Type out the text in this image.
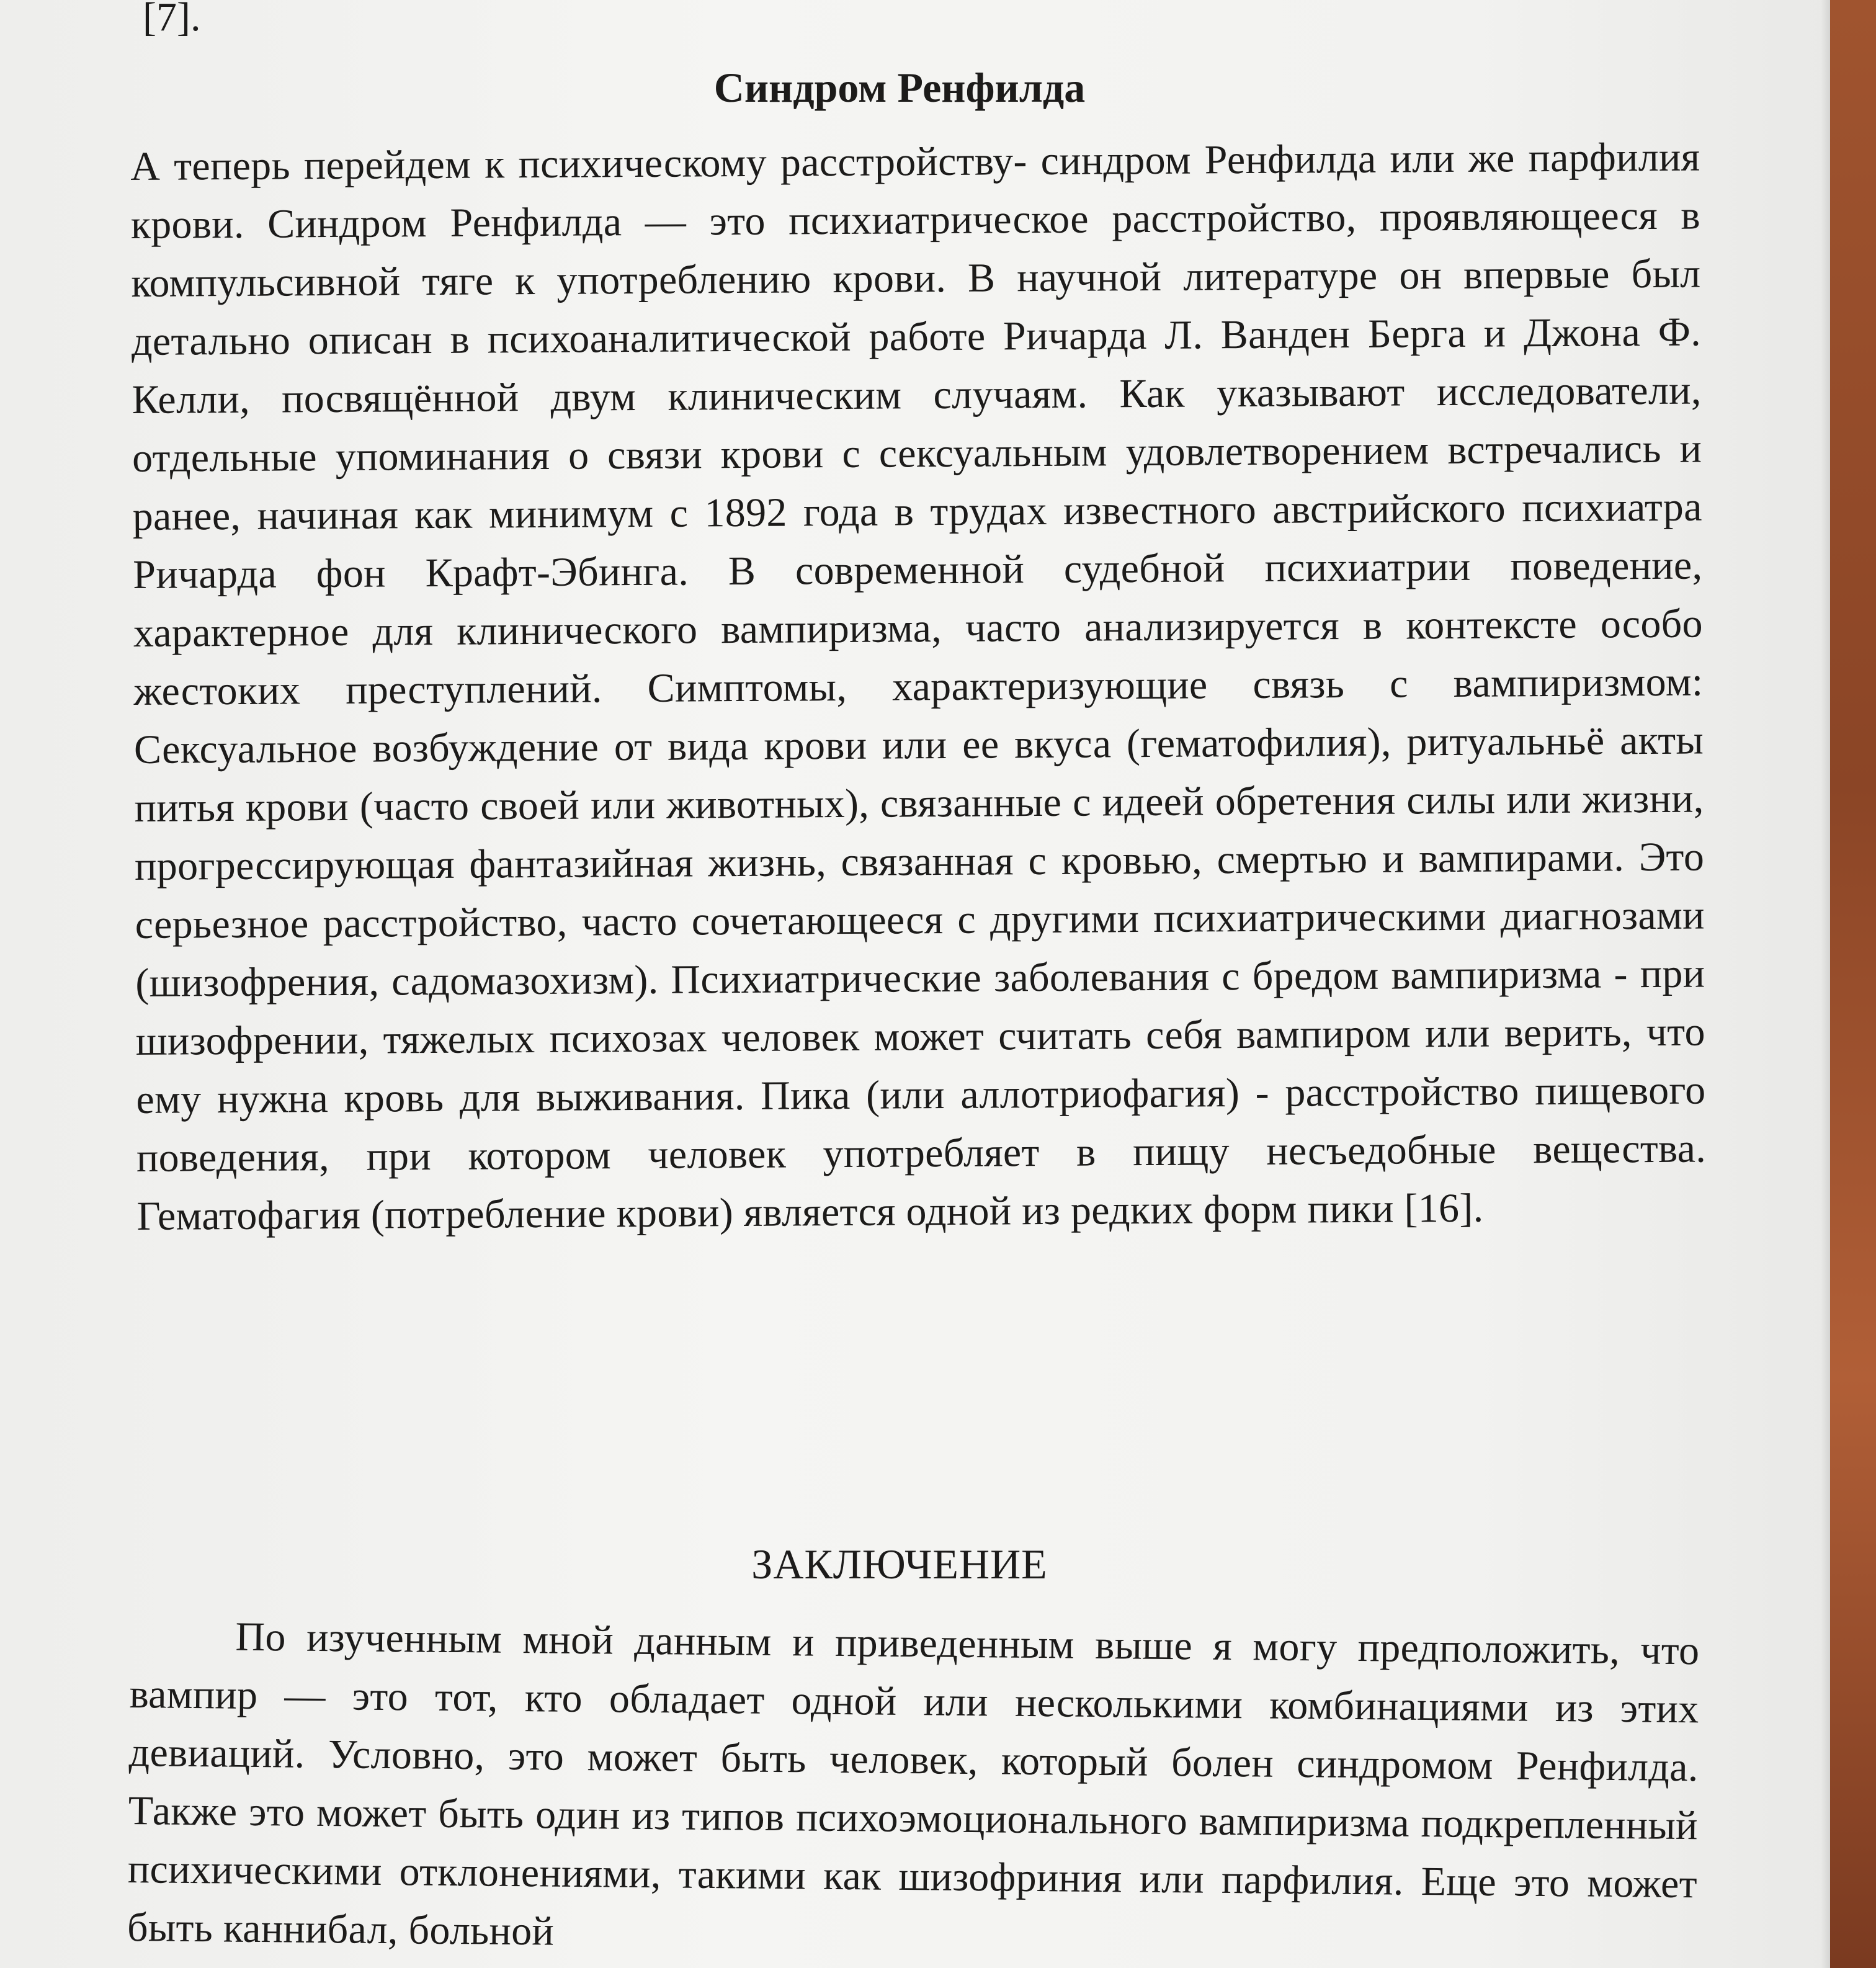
[7].
Синдром Ренфилда
А теперь перейдем к психическому расстройству- синдром Ренфилда или же парфилия крови. Синдром Ренфилда — это психиатрическое расстройство, проявляющееся в компульсивной тяге к употреблению крови. В научной литературе он впервые был детально описан в психоаналитической работе Ричарда Л. Ванден Берга и Джона Ф. Келли, посвящённой двум клиническим случаям. Как указывают исследователи, отдельные упоминания о связи крови с сексуальным удовлетворением встречались и ранее, начиная как минимум с 1892 года в трудах известного австрийского психиатра Ричарда фон Крафт-Эбинга. В современной судебной психиатрии поведение, характерное для клинического вампиризма, часто анализируется в контексте особо жестоких преступлений. Симптомы, характеризующие связь с вампиризмом: Сексуальное возбуждение от вида крови или ее вкуса (гематофилия), ритуальньё акты питья крови (часто своей или животных), связанные с идеей обретения силы или жизни, прогрессирующая фантазийная жизнь, связанная с кровью, смертью и вампирами. Это серьезное расстройство, часто сочетающееся с другими психиатрическими диагнозами (шизофрения, садомазохизм). Психиатрические заболевания с бредом вампиризма - при шизофрении, тяжелых психозах человек может считать себя вампиром или верить, что ему нужна кровь для выживания. Пика (или аллотриофагия) - расстройство пищевого поведения, при котором человек употребляет в пищу несъедобные вещества. Гематофагия (потребление крови) является одной из редких форм пики [16].
ЗАКЛЮЧЕНИЕ
По изученным мной данным и приведенным выше я могу предположить, что вампир — это тот, кто обладает одной или несколькими комбинациями из этих девиаций. Условно, это может быть человек, который болен синдромом Ренфилда. Также это может быть один из типов психоэмоционального вампиризма подкрепленный психическими отклонениями, такими как шизофриния или парфилия. Еще это может быть каннибал, больной
